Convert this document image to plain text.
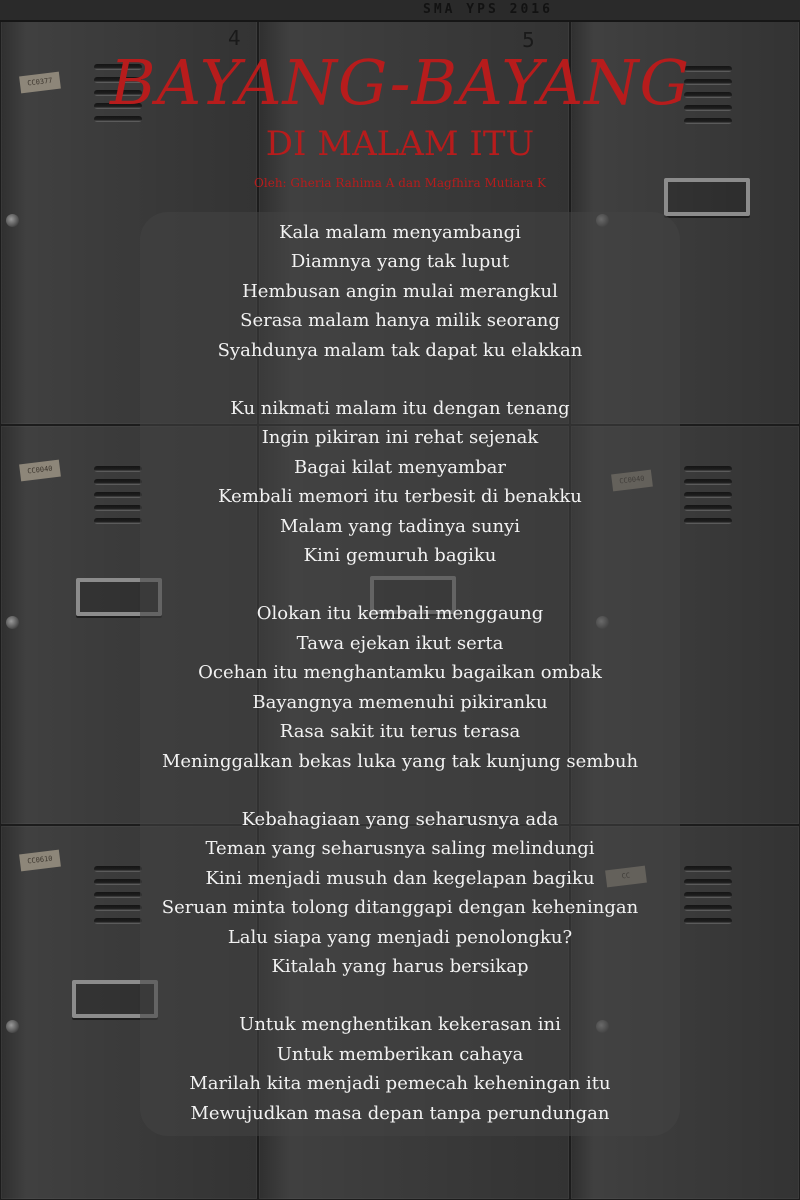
SMA YPS 2016
4	5
CC0377
CC0040
CC0610
BAYANG-BAYANG
DI MALAM ITU

Oleh: Gheria Rahima A dan Magfhira Mutiara K

Kala malam menyambangi
Diamnya yang tak luput
Hembusan angin mulai merangkul
Serasa malam hanya milik seorang
Syahdunya malam tak dapat ku elakkan
Ku nikmati malam itu dengan tenang
Ingin pikiran ini rehat sejenak
Bagai kilat menyambar
Kembali memori itu terbesit di benakku
Malam yang tadinya sunyi
Kini gemuruh bagiku
Olokan itu kembali menggaung
Tawa ejekan ikut serta
Ocehan itu menghantamku bagaikan ombak
Bayangnya memenuhi pikiranku
Rasa sakit itu terus terasa
Meninggalkan bekas luka yang tak kunjung sembuh
Kebahagiaan yang seharusnya ada
Teman yang seharusnya saling melindungi
Kini menjadi musuh dan kegelapan bagiku
Seruan minta tolong ditanggapi dengan keheningan
Lalu siapa yang menjadi penolongku?
Kitalah yang harus bersikap
Untuk menghentikan kekerasan ini
Untuk memberikan cahaya
Marilah kita menjadi pemecah keheningan itu
Mewujudkan masa depan tanpa perundungan
